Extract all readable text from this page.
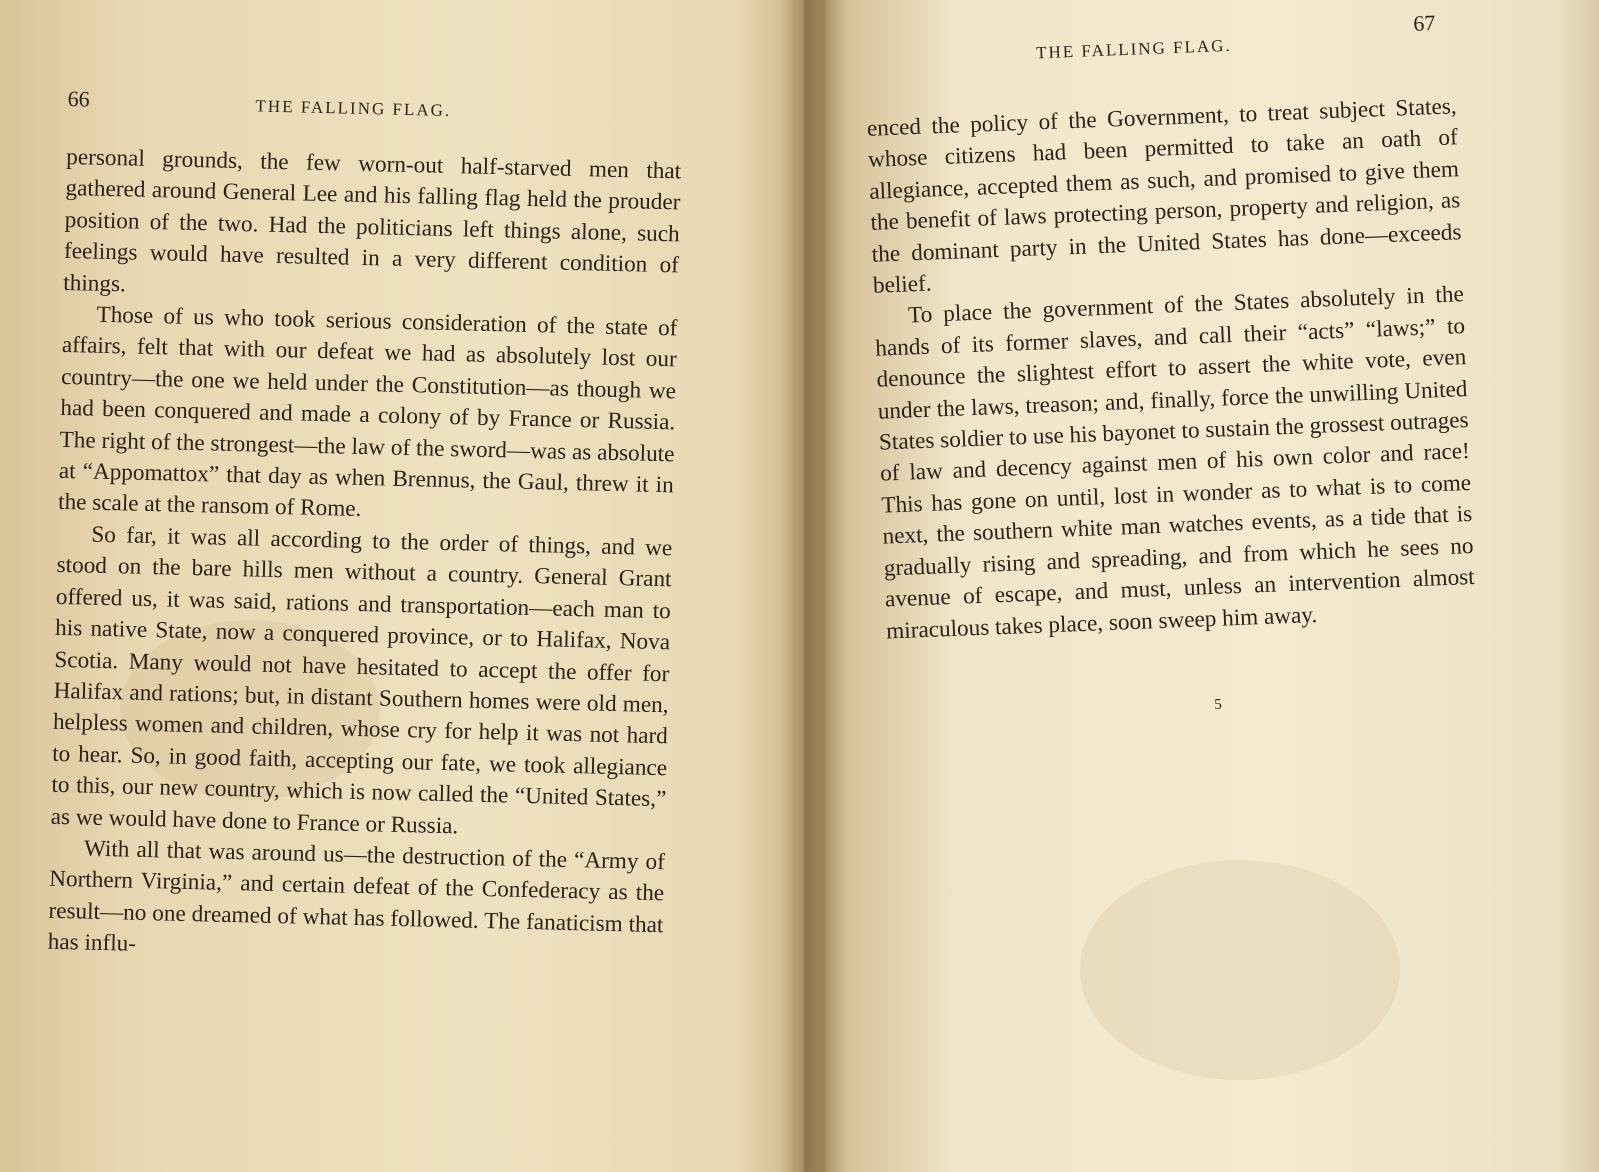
66	THE FALLING FLAG.

personal grounds, the few worn-out half-starved men that gathered around General Lee and his falling flag held the prouder position of the two. Had the politicians left things alone, such feelings would have resulted in a very different condition of things.

Those of us who took serious consideration of the state of affairs, felt that with our defeat we had as absolutely lost our country—the one we held under the Constitution—as though we had been conquered and made a colony of by France or Russia. The right of the strongest—the law of the sword—was as absolute at “Appomattox” that day as when Brennus, the Gaul, threw it in the scale at the ransom of Rome.

So far, it was all according to the order of things, and we stood on the bare hills men without a country. General Grant offered us, it was said, rations and transportation—each man to his native State, now a conquered province, or to Halifax, Nova Scotia. Many would not have hesitated to accept the offer for Halifax and rations; but, in distant Southern homes were old men, helpless women and children, whose cry for help it was not hard to hear. So, in good faith, accepting our fate, we took allegiance to this, our new country, which is now called the “United States,” as we would have done to France or Russia.

With all that was around us—the destruction of the “Army of Northern Virginia,” and certain defeat of the Confederacy as the result—no one dreamed of what has followed. The fanaticism that has influ-

THE FALLING FLAG.
67

enced the policy of the Government, to treat subject States, whose citizens had been permitted to take an oath of allegiance, accepted them as such, and promised to give them the benefit of laws protecting person, property and religion, as the dominant party in the United States has done—exceeds belief.

To place the government of the States absolutely in the hands of its former slaves, and call their “acts” “laws;” to denounce the slightest effort to assert the white vote, even under the laws, treason; and, finally, force the unwilling United States soldier to use his bayonet to sustain the grossest outrages of law and decency against men of his own color and race! This has gone on until, lost in wonder as to what is to come next, the southern white man watches events, as a tide that is gradually rising and spreading, and from which he sees no avenue of escape, and must, unless an intervention almost miraculous takes place, soon sweep him away.

5
